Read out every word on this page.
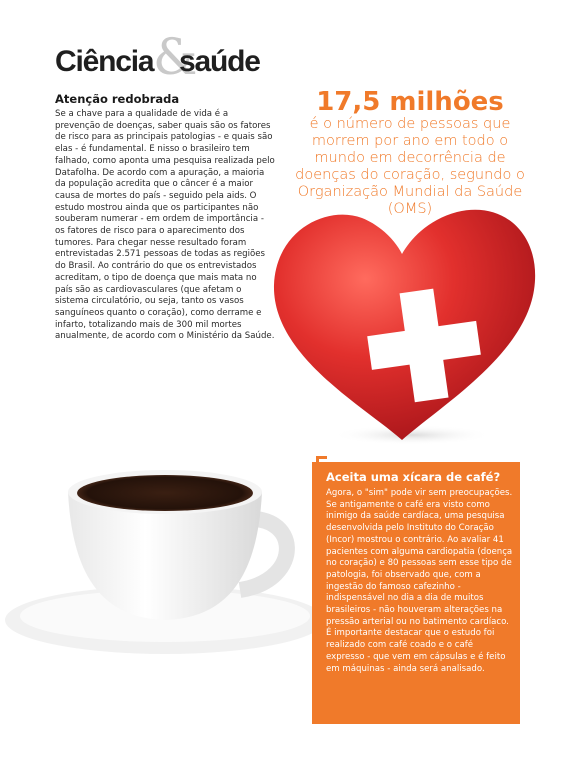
Ciência &
saúde
Atenção redobrada

Se a chave para a qualidade de vida é a prevenção de doenças, saber quais são os fatores de risco para as principais patologias - e quais são elas - é fundamental. E nisso o brasileiro tem falhado, como aponta uma pesquisa realizada pelo Datafolha. De acordo com a apuração, a maioria da população acredita que o câncer é a maior causa de mortes do país - seguido pela aids. O estudo mostrou ainda que os participantes não souberam numerar - em ordem de importância - os fatores de risco para o aparecimento dos tumores. Para chegar nesse resultado foram entrevistadas 2.571 pessoas de todas as regiões do Brasil. Ao contrário do que os entrevistados acreditam, o tipo de doença que mais mata no país são as cardiovasculares (que afetam o sistema circulatório, ou seja, tanto os vasos sanguíneos quanto o coração), como derrame e infarto, totalizando mais de 300 mil mortes anualmente, de acordo com o Ministério da Saúde.

17,5 milhões
é o número de pessoas que morrem por ano em todo o mundo em decorrência de doenças do coração, segundo o Organização Mundial da Saúde (OMS)
Aceita uma xícara de café?

Agora, o "sim" pode vir sem preocupações. Se antigamente o café era visto como inimigo da saúde cardíaca, uma pesquisa desenvolvida pelo Instituto do Coração (Incor) mostrou o contrário. Ao avaliar 41 pacientes com alguma cardiopatia (doença no coração) e 80 pessoas sem esse tipo de patologia, foi observado que, com a ingestão do famoso cafezinho - indispensável no dia a dia de muitos brasileiros - não houveram alterações na pressão arterial ou no batimento cardíaco. É importante destacar que o estudo foi realizado com café coado e o café expresso - que vem em cápsulas e é feito em máquinas - ainda será analisado.
